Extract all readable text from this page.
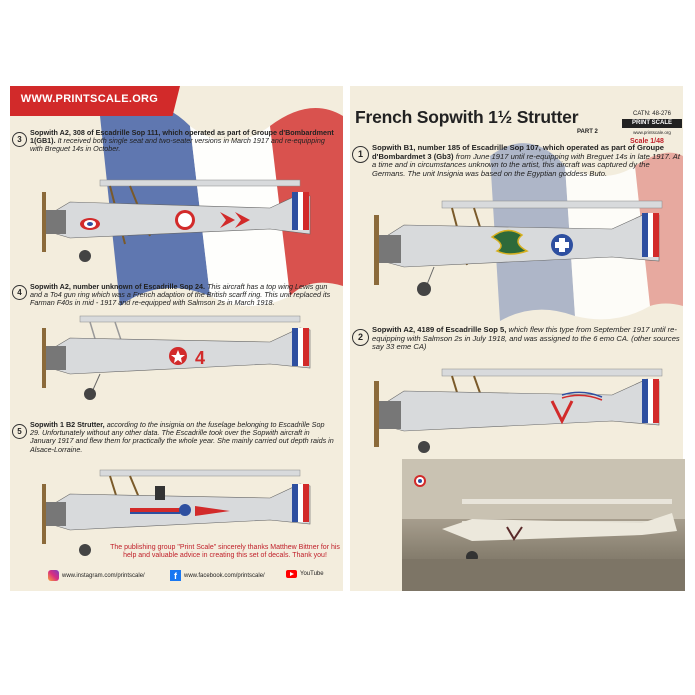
WWW.PRINTSCALE.ORG
3
Sopwith A2, 308 of Escadrille Sop 111, which operated as part of Groupe d'Bombardment 1(GB1). It received both single seat and two-seater versions in March 1917 and re-equipping with Breguet 14s in October.
4
Sopwith A2, number unknown of Escadrille Sop 24. This aircraft has a top wing Lewis gun and a To4 gun ring which was a French adaption of the British scarff ring. This unit replaced its Farman F40s in mid - 1917 and re-equipped with Salmson 2s in March 1918.
4
5
Sopwith 1 B2 Strutter, according to the insignia on the fuselage belonging to Escadrille Sop 29. Unfortunately without any other data. The Escadrille took over the Sopwith aircraft in January 1917 and flew them for practically the whole year. She mainly carried out depth raids in Alsace-Lorraine.
The publishing group "Print Scale" sincerely thanks Matthew Bittner for his help and valuable advice in creating this set of decals. Thank you!
www.instagram.com/printscale/	f	www.facebook.com/printscale/	YouTube
French Sopwith 1½ Strutter
PART 2
CATN: 48-276
PRINT SCALE
www.printscale.org
Scale 1/48
1
Sopwith B1, number 185 of Escadrille Sop 107, which operated as part of Groupe d'Bombardmet 3 (Gb3) from June 1917 until re-equipping with Breguet 14s in late 1917. At a time and in circumstances unknown to the artist, this aircraft was captured dy the Germans. The unit Insignia was based on the Egyptian goddess Buto.
2
Sopwith A2, 4189 of Escadrille Sop 5, which flew this type from September 1917 until re-equipping with Salmson 2s in July 1918, and was assigned to the 6 emo CA. (other sources say 33 eme CA)
